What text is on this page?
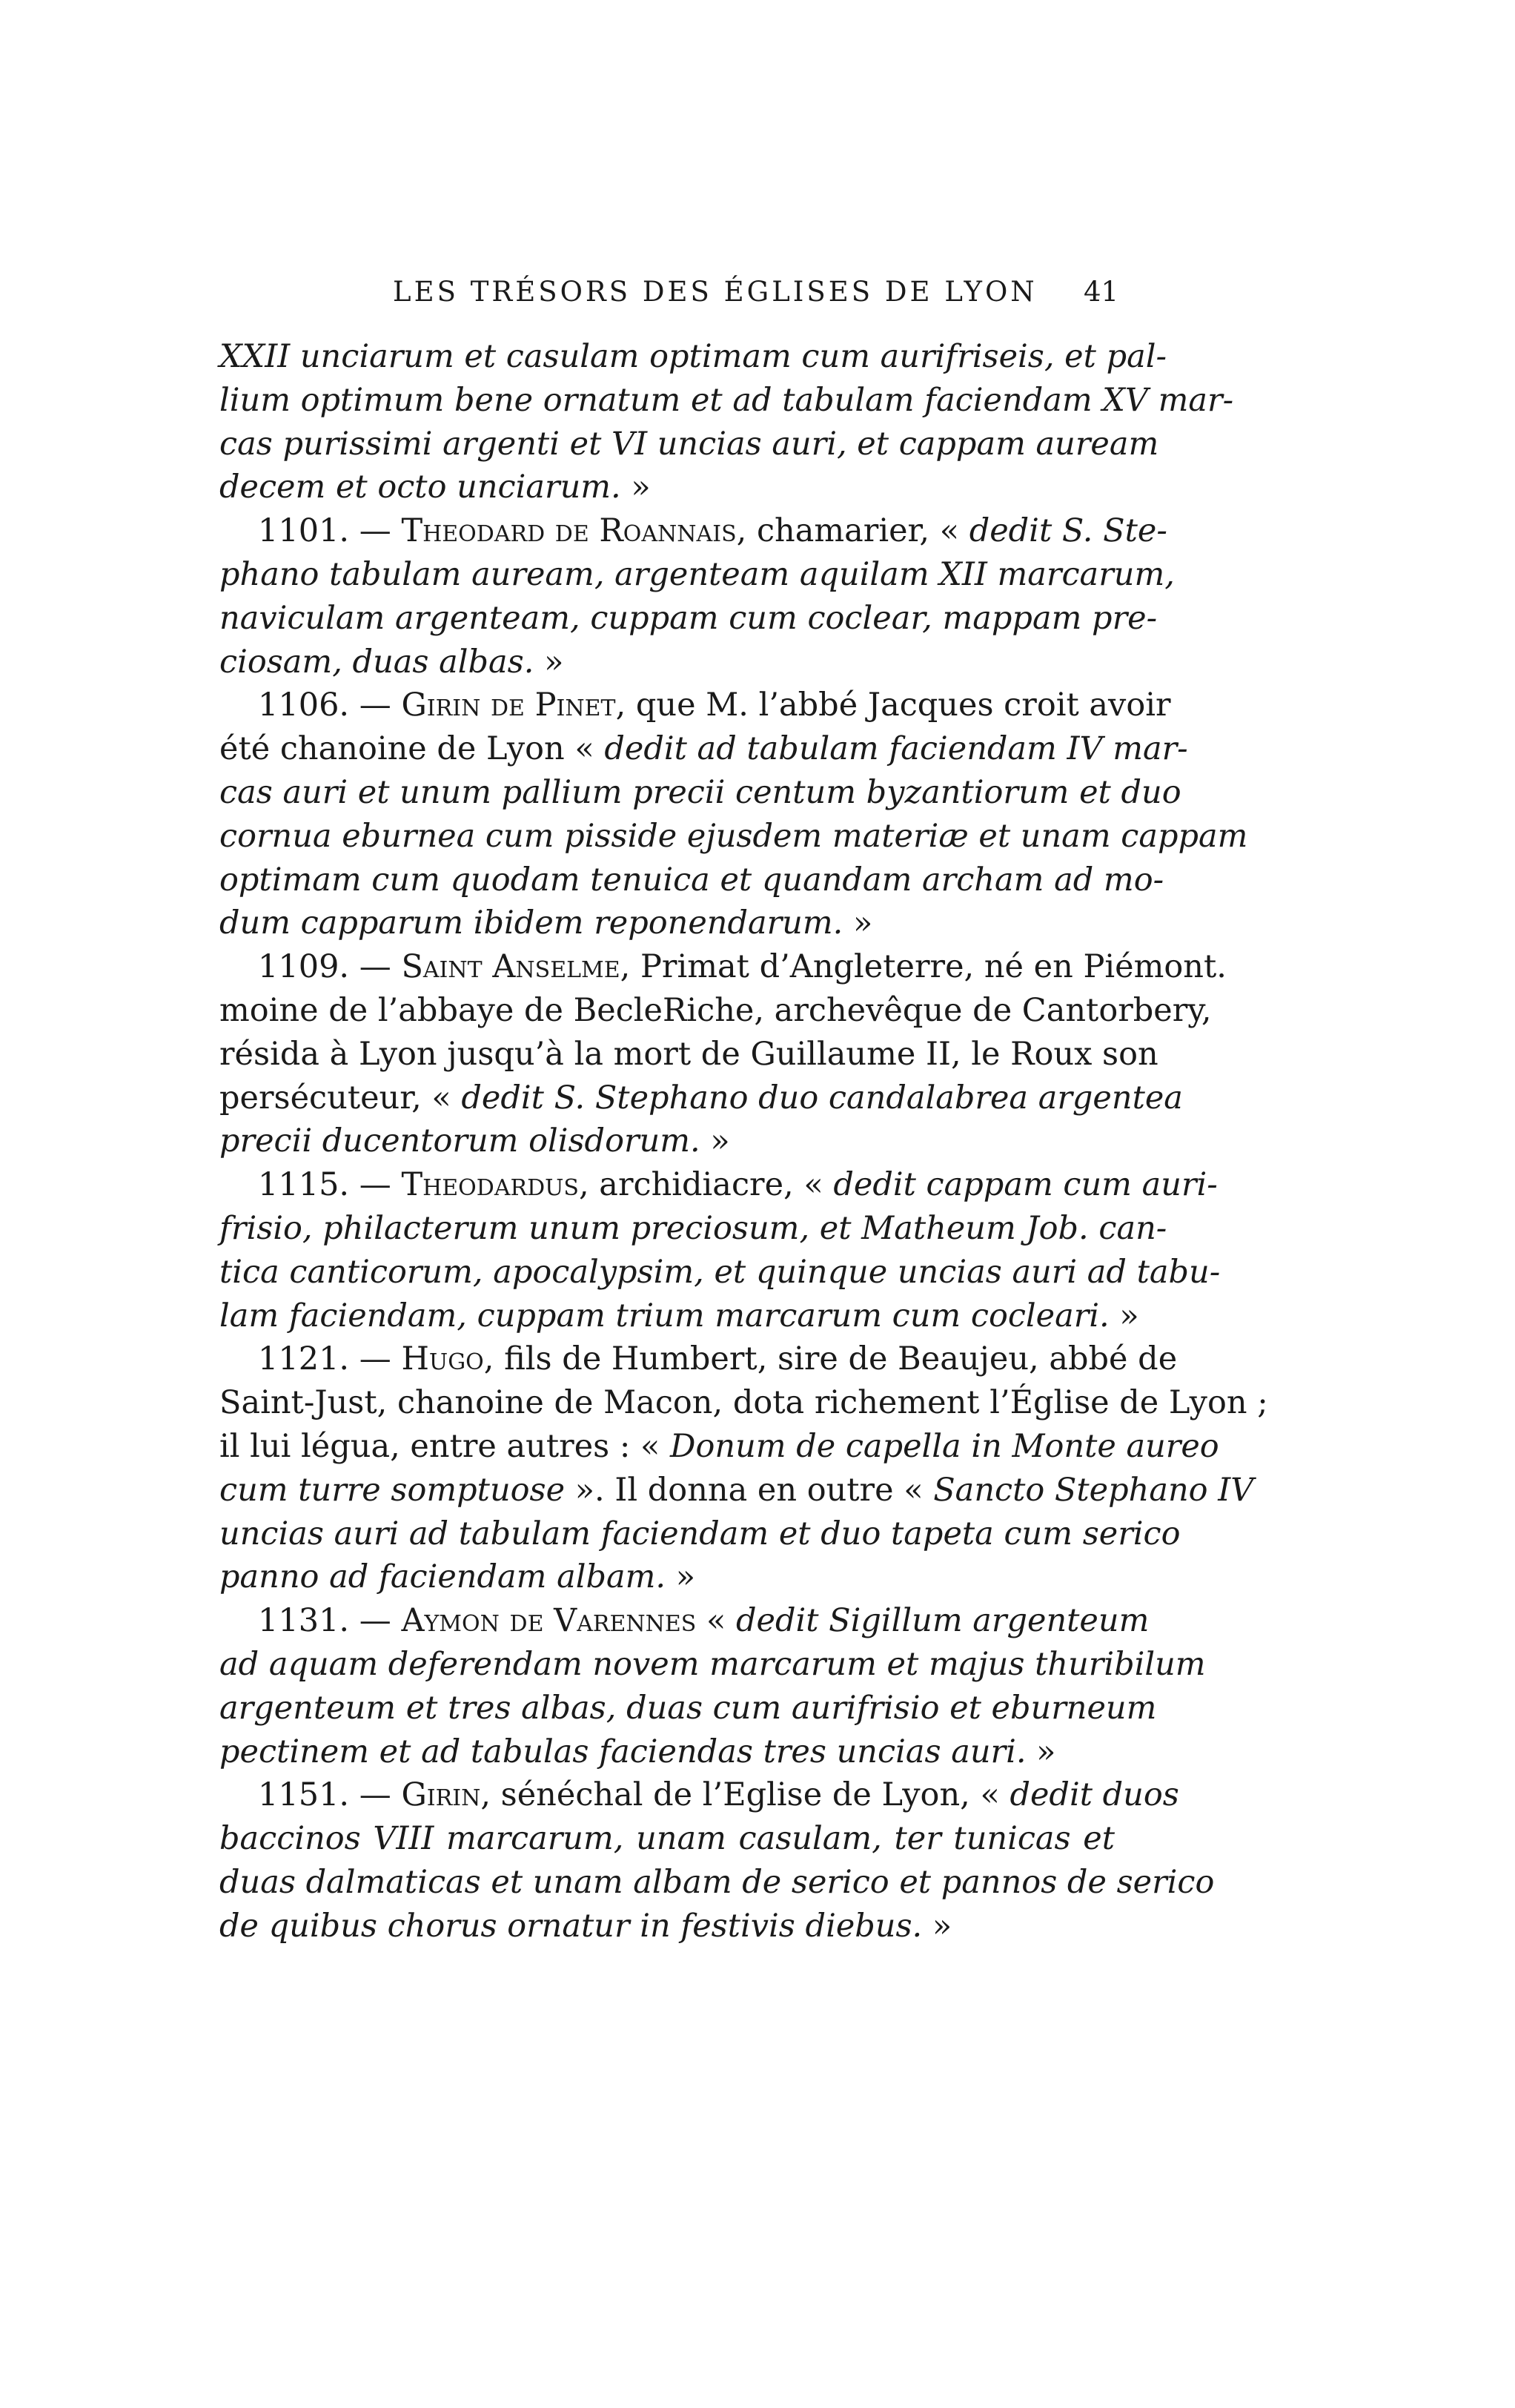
LES TRÉSORS DES ÉGLISES DE LYON	41
XXII unciarum et casulam optimam cum aurifriseis, et pal-
lium optimum bene ornatum et ad tabulam faciendam XV mar-
cas purissimi argenti et VI uncias auri, et cappam auream
decem et octo unciarum. »
1101. — Theodard de Roannais, chamarier, « dedit S. Ste-
phano tabulam auream, argenteam aquilam XII marcarum,
naviculam argenteam, cuppam cum coclear, mappam pre-
ciosam, duas albas. »
1106. — Girin de Pinet, que M. l’abbé Jacques croit avoir
été chanoine de Lyon « dedit ad tabulam faciendam IV mar-
cas auri et unum pallium precii centum byzantiorum et duo
cornua eburnea cum pisside ejusdem materiæ et unam cappam
optimam cum quodam tenuica et quandam archam ad mo-
dum capparum ibidem reponendarum. »
1109. — Saint Anselme, Primat d’Angleterre, né en Piémont.
moine de l’abbaye de BecleRiche, archevêque de Cantorbery,
résida à Lyon jusqu’à la mort de Guillaume II, le Roux son
persécuteur, « dedit S. Stephano duo candalabrea argentea
precii ducentorum olisdorum. »
1115. — Theodardus, archidiacre, « dedit cappam cum auri-
frisio, philacterum unum preciosum, et Matheum Job. can-
tica canticorum, apocalypsim, et quinque uncias auri ad tabu-
lam faciendam, cuppam trium marcarum cum cocleari. »
1121. — Hugo, fils de Humbert, sire de Beaujeu, abbé de
Saint-Just, chanoine de Macon, dota richement l’Église de Lyon ;
il lui légua, entre autres : « Donum de capella in Monte aureo
cum turre somptuose ». Il donna en outre « Sancto Stephano IV
uncias auri ad tabulam faciendam et duo tapeta cum serico
panno ad faciendam albam. »
1131. — Aymon de Varennes « dedit Sigillum argenteum
ad aquam deferendam novem marcarum et majus thuribilum
argenteum et tres albas, duas cum aurifrisio et eburneum
pectinem et ad tabulas faciendas tres uncias auri. »
1151. — Girin, sénéchal de l’Eglise de Lyon, « dedit duos
baccinos VIII marcarum, unam casulam, ter tunicas et
duas dalmaticas et unam albam de serico et pannos de serico
de quibus chorus ornatur in festivis diebus. »
